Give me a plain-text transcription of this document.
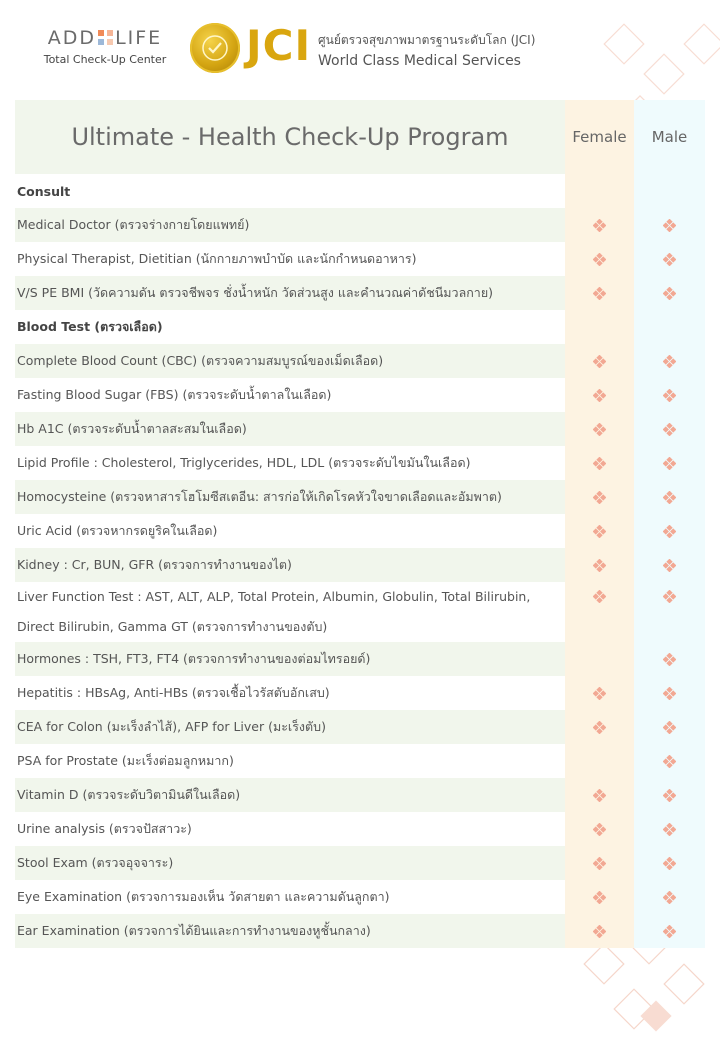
ADD LIFE
Total Check-Up Center JCI ศูนย์ตรวจสุขภาพมาตรฐานระดับโลก (JCI)
World Class Medical Services
Ultimate - Health Check-Up Program	Female	Male
Consult
Medical Doctor (ตรวจร่างกายโดยแพทย์)
Physical Therapist, Dietitian (นักกายภาพบำบัด และนักกำหนดอาหาร)
V/S PE BMI (วัดความดัน ตรวจชีพจร ชั่งน้ำหนัก วัดส่วนสูง และคำนวณค่าดัชนีมวลกาย)
Blood Test (ตรวจเลือด)
Complete Blood Count (CBC) (ตรวจความสมบูรณ์ของเม็ดเลือด)
Fasting Blood Sugar (FBS) (ตรวจระดับน้ำตาลในเลือด)
Hb A1C (ตรวจระดับน้ำตาลสะสมในเลือด)
Lipid Profile : Cholesterol, Triglycerides, HDL, LDL (ตรวจระดับไขมันในเลือด)
Homocysteine (ตรวจหาสารโฮโมซีสเตอีน: สารก่อให้เกิดโรคหัวใจขาดเลือดและอัมพาต)
Uric Acid (ตรวจหากรดยูริคในเลือด)
Kidney : Cr, BUN, GFR (ตรวจการทำงานของไต)
Liver Function Test : AST, ALT, ALP, Total Protein, Albumin, Globulin, Total Bilirubin,
Direct Bilirubin, Gamma GT (ตรวจการทำงานของตับ)
Hormones : TSH, FT3, FT4 (ตรวจการทำงานของต่อมไทรอยด์)
Hepatitis : HBsAg, Anti-HBs (ตรวจเชื้อไวรัสตับอักเสบ)
CEA for Colon (มะเร็งลำไส้), AFP for Liver (มะเร็งตับ)
PSA for Prostate (มะเร็งต่อมลูกหมาก)
Vitamin D (ตรวจระดับวิตามินดีในเลือด)
Urine analysis (ตรวจปัสสาวะ)
Stool Exam (ตรวจอุจจาระ)
Eye Examination (ตรวจการมองเห็น วัดสายตา และความดันลูกตา)
Ear Examination (ตรวจการได้ยินและการทำงานของหูชั้นกลาง)
